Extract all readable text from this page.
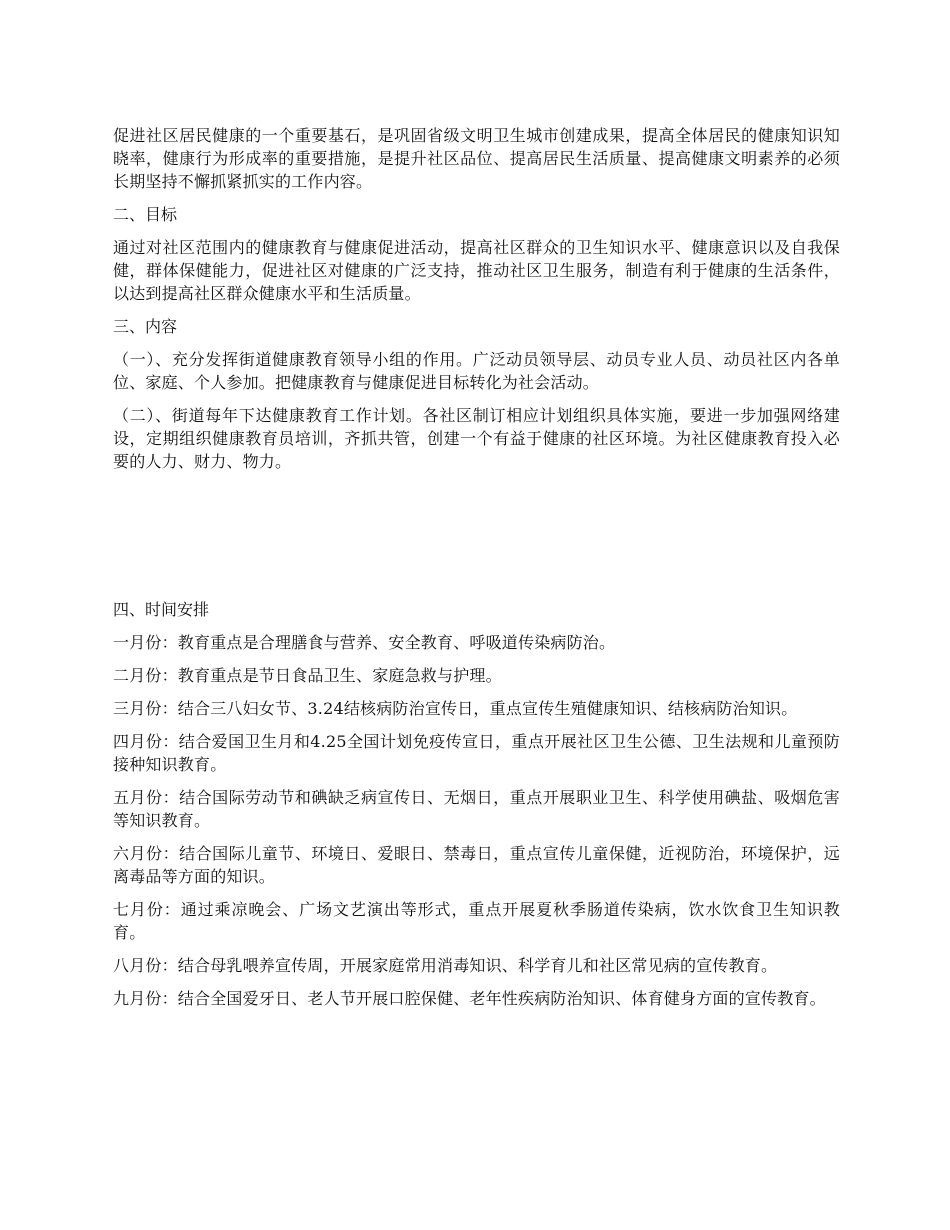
促进社区居民健康的一个重要基石，是巩固省级文明卫生城市创建成果，提高全体居民的健康知识知晓率，健康行为形成率的重要措施，是提升社区品位、提高居民生活质量、提高健康文明素养的必须长期坚持不懈抓紧抓实的工作内容。

二、目标

通过对社区范围内的健康教育与健康促进活动，提高社区群众的卫生知识水平、健康意识以及自我保健，群体保健能力，促进社区对健康的广泛支持，推动社区卫生服务，制造有利于健康的生活条件，以达到提高社区群众健康水平和生活质量。

三、内容

（一）、充分发挥街道健康教育领导小组的作用。广泛动员领导层、动员专业人员、动员社区内各单位、家庭、个人参加。把健康教育与健康促进目标转化为社会活动。

（二）、街道每年下达健康教育工作计划。各社区制订相应计划组织具体实施，要进一步加强网络建设，定期组织健康教育员培训，齐抓共管，创建一个有益于健康的社区环境。为社区健康教育投入必要的人力、财力、物力。

四、时间安排

一月份：教育重点是合理膳食与营养、安全教育、呼吸道传染病防治。

二月份：教育重点是节日食品卫生、家庭急救与护理。

三月份：结合三八妇女节、3.24结核病防治宣传日，重点宣传生殖健康知识、结核病防治知识。

四月份：结合爱国卫生月和4.25全国计划免疫传宣日，重点开展社区卫生公德、卫生法规和儿童预防接种知识教育。

五月份：结合国际劳动节和碘缺乏病宣传日、无烟日，重点开展职业卫生、科学使用碘盐、吸烟危害等知识教育。

六月份：结合国际儿童节、环境日、爱眼日、禁毒日，重点宣传儿童保健，近视防治，环境保护，远离毒品等方面的知识。

七月份：通过乘凉晚会、广场文艺演出等形式，重点开展夏秋季肠道传染病，饮水饮食卫生知识教育。

八月份：结合母乳喂养宣传周，开展家庭常用消毒知识、科学育儿和社区常见病的宣传教育。

九月份：结合全国爱牙日、老人节开展口腔保健、老年性疾病防治知识、体育健身方面的宣传教育。
